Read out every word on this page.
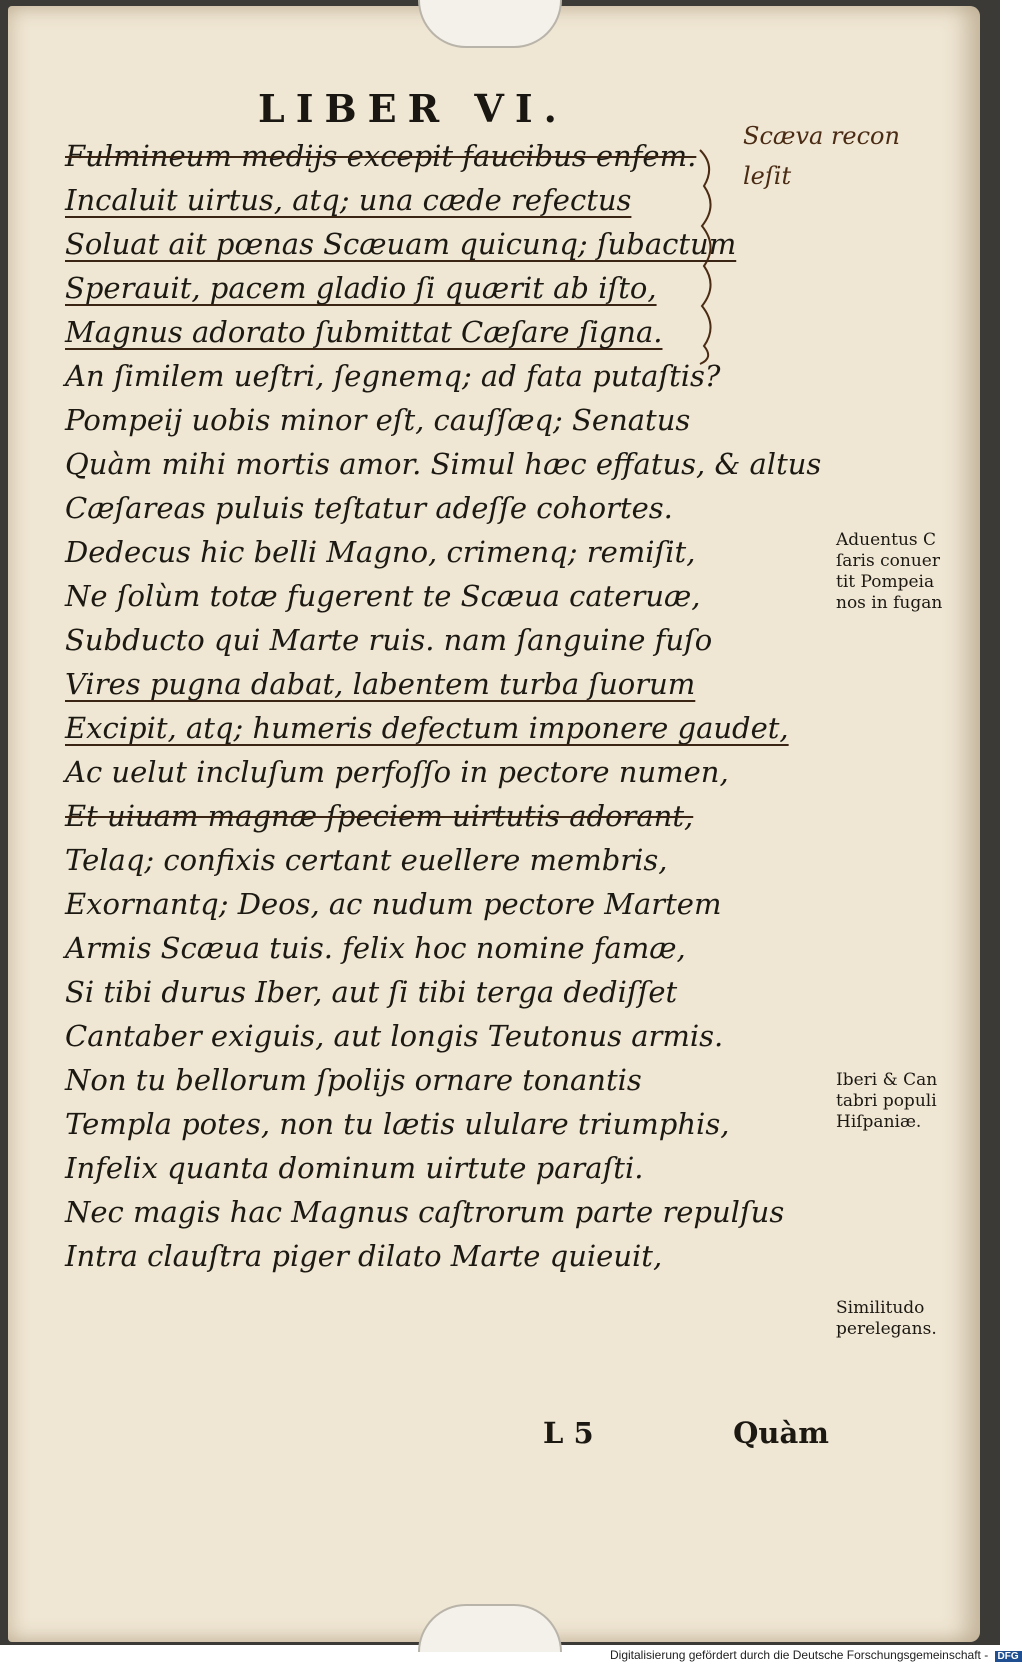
LIBER VI.
Scæva recon
leſit
Fulmineum medijs excepit faucibus enfem.
Incaluit uirtus, atq; una cæde refectus
Soluat ait pœnas Scæuam quicunq; ſubactum
Sperauit, pacem gladio ſi quærit ab iſto,
Magnus adorato ſubmittat Cæſare ſigna.
An ſimilem ueſtri, ſegnemq; ad fata putaſtis?
Pompeij uobis minor eſt, cauſſæq; Senatus
Quàm mihi mortis amor. Simul hæc effatus, & altus
Cæſareas puluis teſtatur adeſſe cohortes.
Dedecus hic belli Magno, crimenq; remiſit,
Ne ſolùm totæ fugerent te Scæua cateruæ,
Subducto qui Marte ruis. nam ſanguine fuſo
Vires pugna dabat, labentem turba ſuorum
Excipit, atq; humeris defectum imponere gaudet,
Ac uelut incluſum perfoſſo in pectore numen,
Et uiuam magnæ ſpeciem uirtutis adorant,
Telaq; confixis certant euellere membris,
Exornantq; Deos, ac nudum pectore Martem
Armis Scæua tuis. felix hoc nomine famæ,
Si tibi durus Iber, aut ſi tibi terga dediſſet
Cantaber exiguis, aut longis Teutonus armis.
Non tu bellorum ſpolijs ornare tonantis
Templa potes, non tu lætis ululare triumphis,
Infelix quanta dominum uirtute paraſti.
Nec magis hac Magnus caſtrorum parte repulſus
Intra clauſtra piger dilato Marte quieuit,
Aduentus C
ſaris conuer
tit Pompeia
nos in fugan
Iberi & Can
tabri populi
Hiſpaniæ.
Similitudo
perelegans.
L 5	Quàm
Digitalisierung gefördert durch die Deutsche Forschungsgemeinschaft - DFG
